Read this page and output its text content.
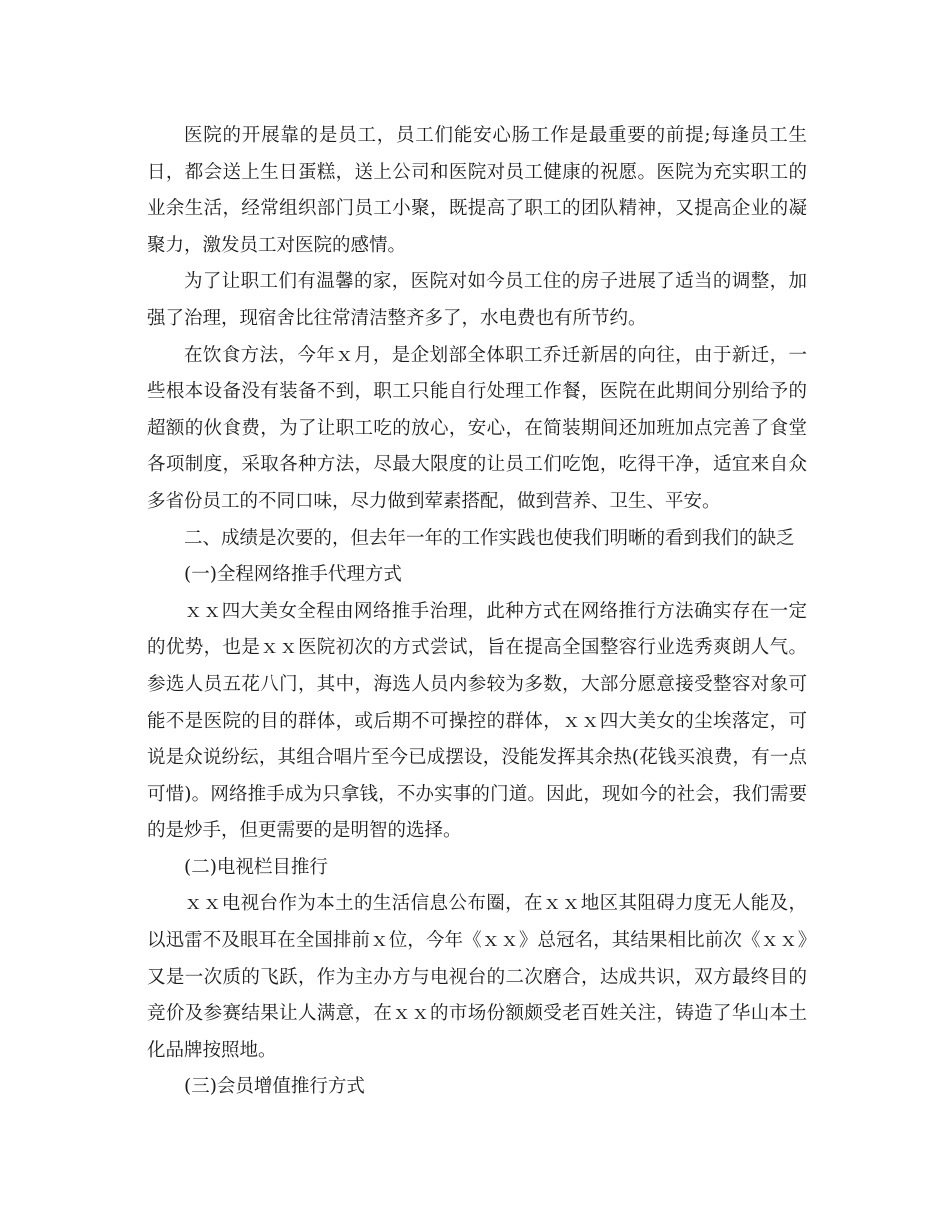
医院的开展靠的是员工，员工们能安心肠工作是最重要的前提;每逢员工生日，都会送上生日蛋糕，送上公司和医院对员工健康的祝愿。医院为充实职工的业余生活，经常组织部门员工小聚，既提高了职工的团队精神，又提高企业的凝聚力，激发员工对医院的感情。

为了让职工们有温馨的家，医院对如今员工住的房子进展了适当的调整，加强了治理，现宿舍比往常清洁整齐多了，水电费也有所节约。

在饮食方法，今年ｘ月，是企划部全体职工乔迁新居的向往，由于新迁，一些根本设备没有装备不到，职工只能自行处理工作餐，医院在此期间分别给予的超额的伙食费，为了让职工吃的放心，安心，在简装期间还加班加点完善了食堂各项制度，采取各种方法，尽最大限度的让员工们吃饱，吃得干净，适宜来自众多省份员工的不同口味，尽力做到荤素搭配，做到营养、卫生、平安。

二、成绩是次要的，但去年一年的工作实践也使我们明晰的看到我们的缺乏

(一)全程网络推手代理方式

ｘｘ四大美女全程由网络推手治理，此种方式在网络推行方法确实存在一定的优势，也是ｘｘ医院初次的方式尝试，旨在提高全国整容行业选秀爽朗人气。参选人员五花八门，其中，海选人员内参较为多数，大部分愿意接受整容对象可能不是医院的目的群体，或后期不可操控的群体，ｘｘ四大美女的尘埃落定，可说是众说纷纭，其组合唱片至今已成摆设，没能发挥其余热(花钱买浪费，有一点可惜)。网络推手成为只拿钱，不办实事的门道。因此，现如今的社会，我们需要的是炒手，但更需要的是明智的选择。

(二)电视栏目推行

ｘｘ电视台作为本土的生活信息公布圈，在ｘｘ地区其阻碍力度无人能及，以迅雷不及眼耳在全国排前ｘ位，今年《ｘｘ》总冠名，其结果相比前次《ｘｘ》又是一次质的飞跃，作为主办方与电视台的二次磨合，达成共识，双方最终目的竞价及参赛结果让人满意，在ｘｘ的市场份额颇受老百姓关注，铸造了华山本土化品牌按照地。

(三)会员增值推行方式
